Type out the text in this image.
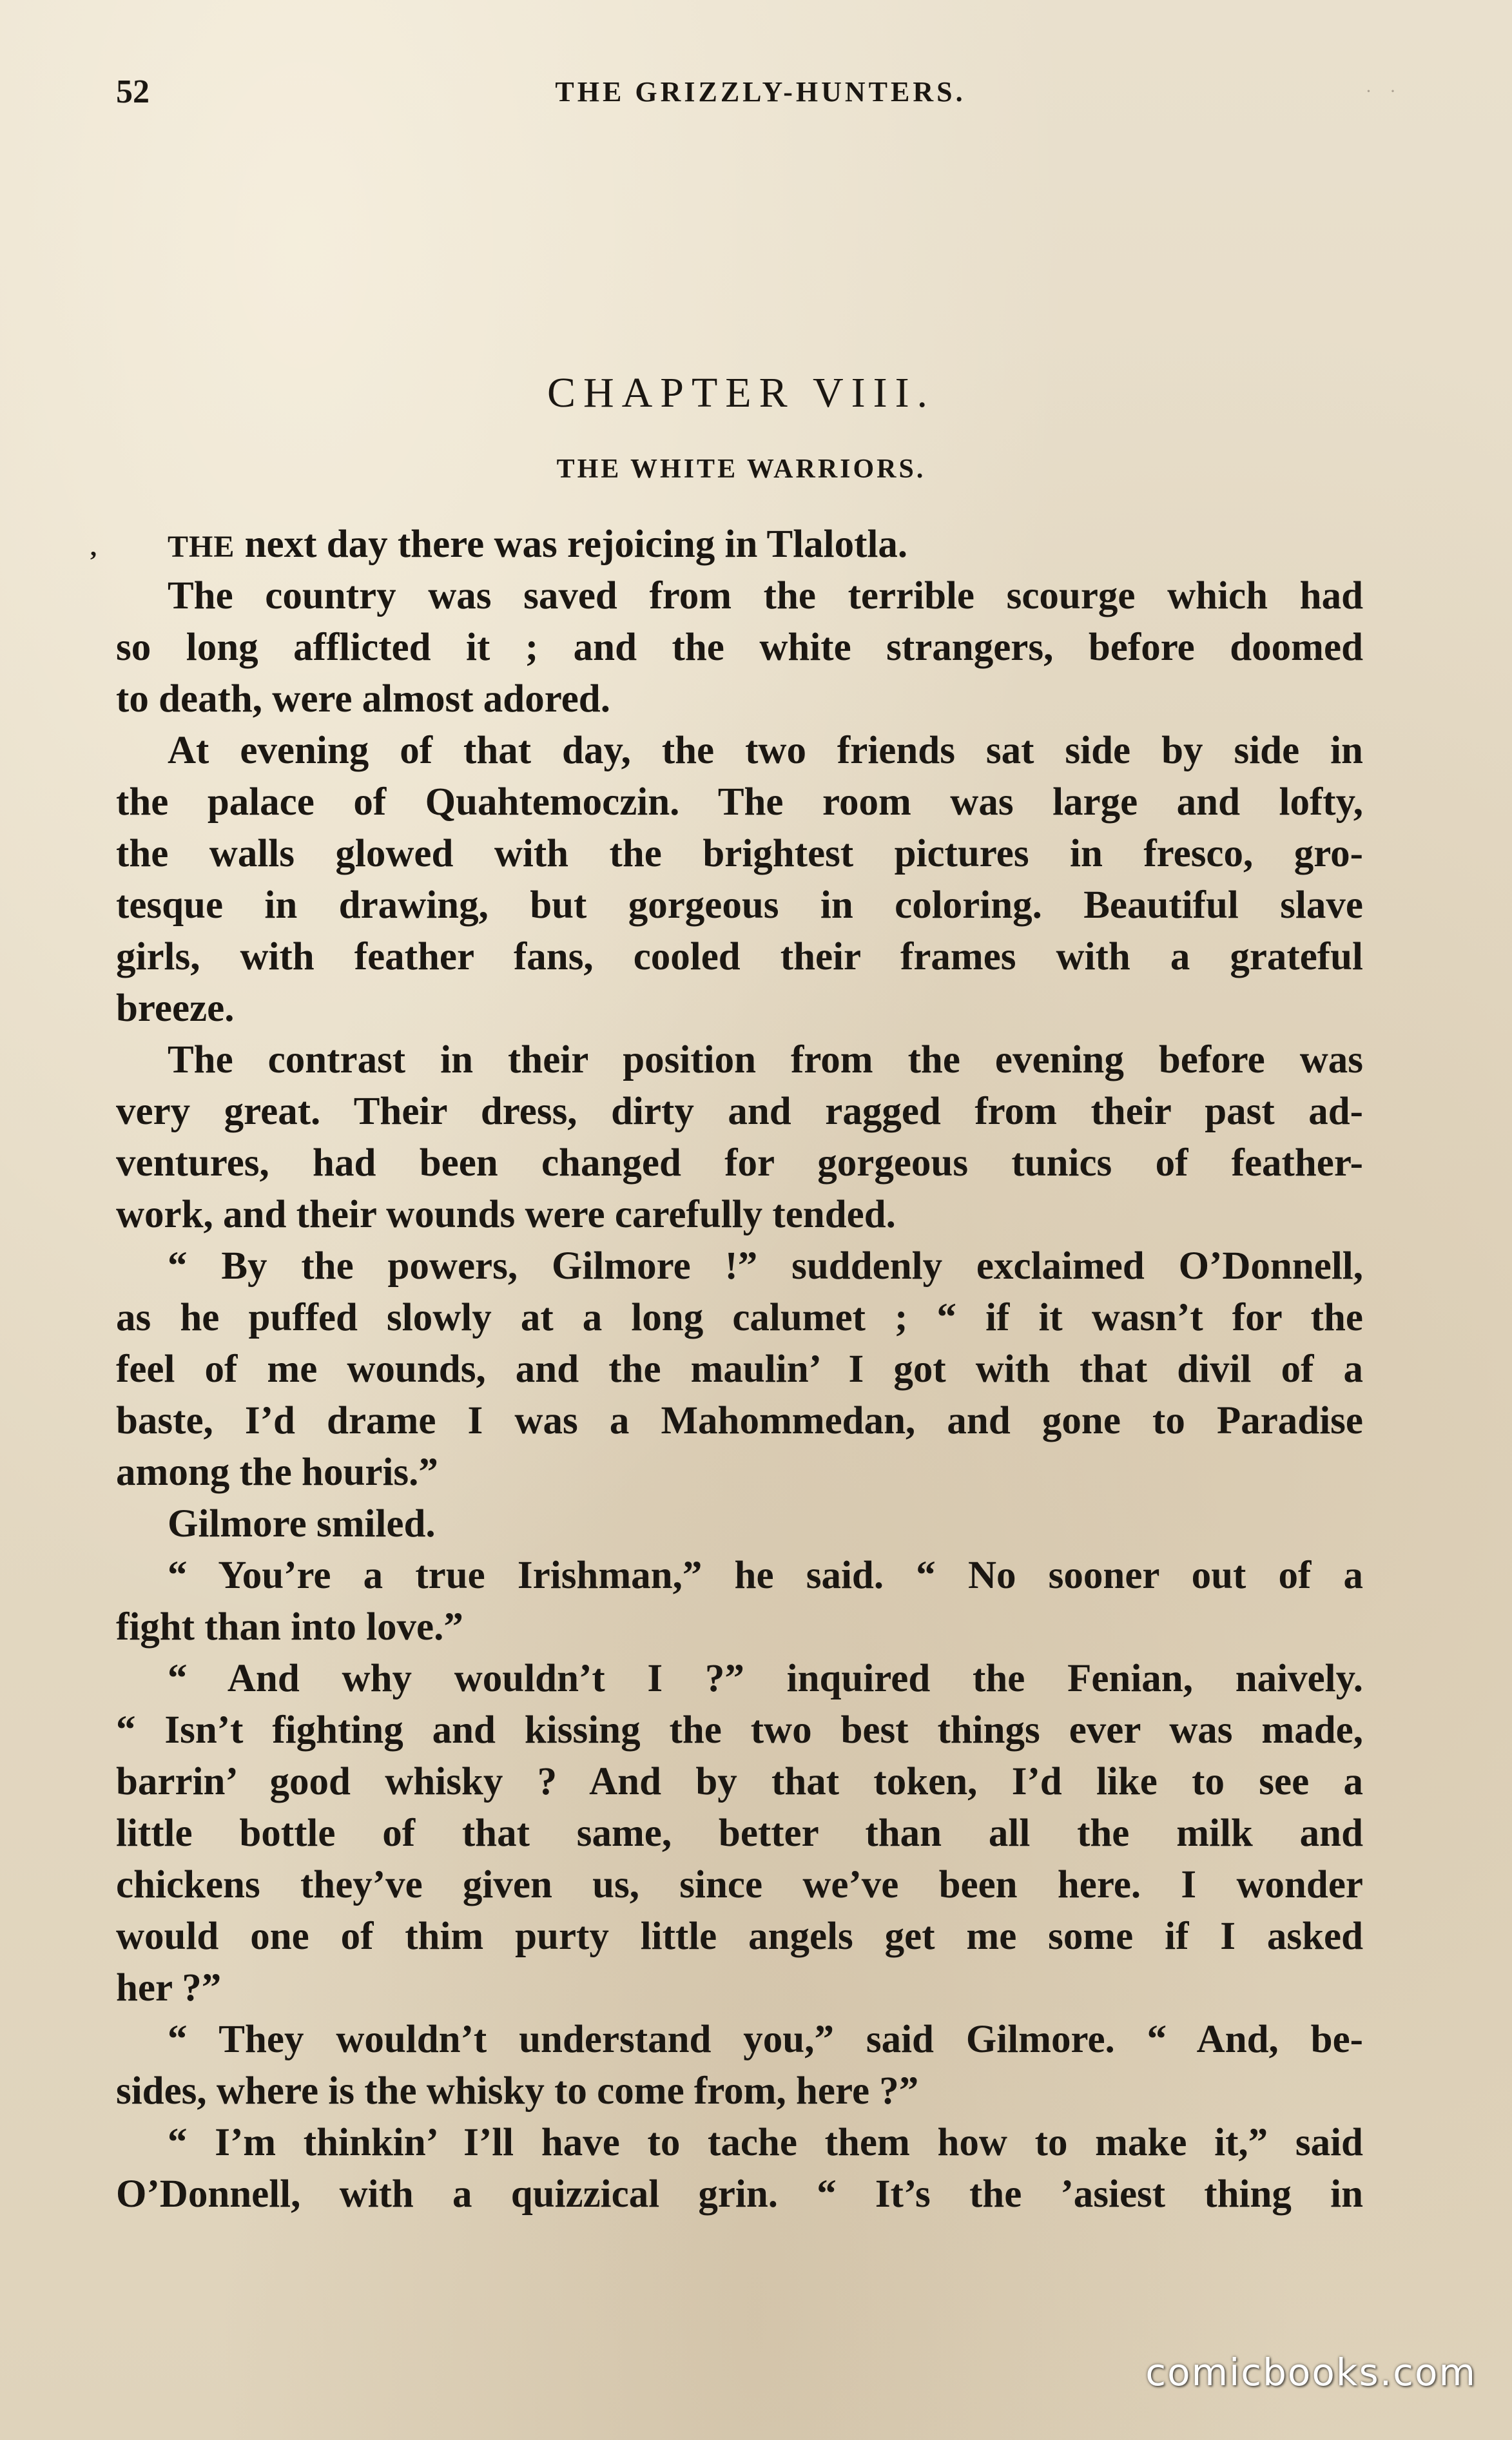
52	THE GRIZZLY-HUNTERS.	· ·
CHAPTER VIII.
THE WHITE WARRIORS.
,	THE next day there was rejoicing in Tlalotla.
The country was saved from the terrible scourge which had
so long afflicted it ; and the white strangers, before doomed
to death, were almost adored.
At evening of that day, the two friends sat side by side in
the palace of Quahtemoczin. The room was large and lofty,
the walls glowed with the brightest pictures in fresco, gro-
tesque in drawing, but gorgeous in coloring. Beautiful slave
girls, with feather fans, cooled their frames with a grateful
breeze.
The contrast in their position from the evening before was
very great. Their dress, dirty and ragged from their past ad-
ventures, had been changed for gorgeous tunics of feather-
work, and their wounds were carefully tended.
“ By the powers, Gilmore !” suddenly exclaimed O’Donnell,
as he puffed slowly at a long calumet ; “ if it wasn’t for the
feel of me wounds, and the maulin’ I got with that divil of a
baste, I’d drame I was a Mahommedan, and gone to Paradise
among the houris.”
Gilmore smiled.
“ You’re a true Irishman,” he said. “ No sooner out of a
fight than into love.”
“ And why wouldn’t I ?” inquired the Fenian, naively.
“ Isn’t fighting and kissing the two best things ever was made,
barrin’ good whisky ? And by that token, I’d like to see a
little bottle of that same, better than all the milk and
chickens they’ve given us, since we’ve been here. I wonder
would one of thim purty little angels get me some if I asked
her ?”
“ They wouldn’t understand you,” said Gilmore. “ And, be-
sides, where is the whisky to come from, here ?”
“ I’m thinkin’ I’ll have to tache them how to make it,” said
O’Donnell, with a quizzical grin. “ It’s the ’asiest thing in
comicbooks.com
